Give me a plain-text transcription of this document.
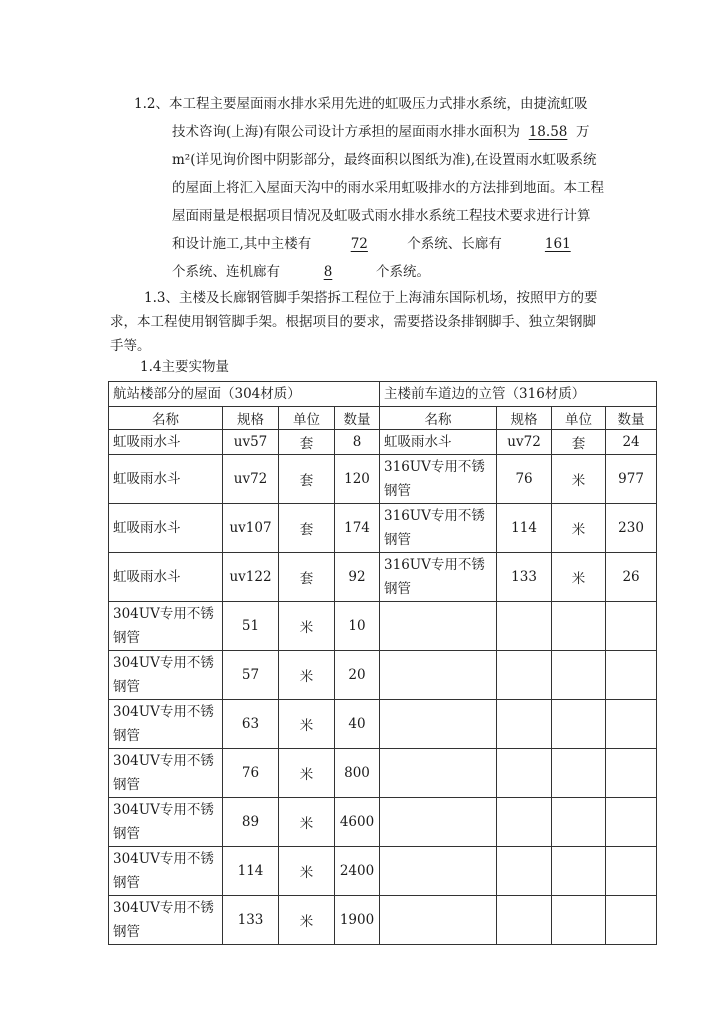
1.2、本工程主要屋面雨水排水采用先进的虹吸压力式排水系统，由捷流虹吸
技术咨询(上海)有限公司设计方承担的屋面雨水排水面积为 18.58 万
m²(详见询价图中阴影部分，最终面积以图纸为准),在设置雨水虹吸系统
的屋面上将汇入屋面天沟中的雨水采用虹吸排水的方法排到地面。本工程
屋面雨量是根据项目情况及虹吸式雨水排水系统工程技术要求进行计算
和设计施工,其中主楼有	72	个系统、长廊有	161
个系统、连机廊有	8	个系统。
1.3、主楼及长廊钢管脚手架搭拆工程位于上海浦东国际机场，按照甲方的要
求，本工程使用钢管脚手架。根据项目的要求，需要搭设条排钢脚手、独立架钢脚
手等。
1.4主要实物量
航站楼部分的屋面（304材质）				主楼前车道边的立管（316材质）			
名称	规格	单位	数量	名称	规格	单位	数量
虹吸雨水斗	uv57	套	8	虹吸雨水斗	uv72	套	24
虹吸雨水斗	uv72	套	120	316UV专用不锈钢管	76	米	977
虹吸雨水斗	uv107	套	174	316UV专用不锈钢管	114	米	230
虹吸雨水斗	uv122	套	92	316UV专用不锈钢管	133	米	26
304UV专用不锈钢管	51	米	10				
304UV专用不锈钢管	57	米	20				
304UV专用不锈钢管	63	米	40				
304UV专用不锈钢管	76	米	800				
304UV专用不锈钢管	89	米	4600				
304UV专用不锈钢管	114	米	2400				
304UV专用不锈钢管	133	米	1900				
